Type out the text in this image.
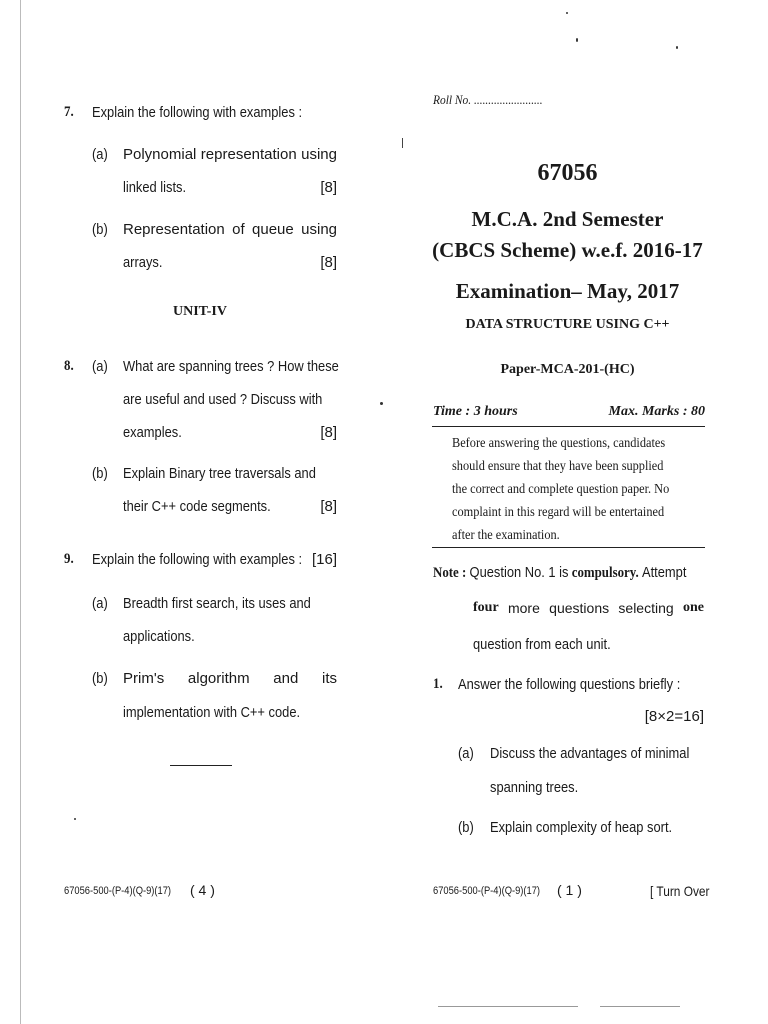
7. Explain the following with examples :
(a) Polynomial representation using
linked lists.	[8]
(b) Representation of queue using
arrays.	[8]
UNIT-IV
8. (a) What are spanning trees ? How these
are useful and used ? Discuss with
examples.	[8]
(b) Explain Binary tree traversals and
their C++ code segments.	[8]
9. Explain the following with examples : [16]
(a) Breadth first search, its uses and
applications.
(b) Prim's algorithm and its
implementation with C++ code.
67056-500-(P-4)(Q-9)(17) ( 4 )
Roll No. ........................
67056
M.C.A. 2nd Semester
(CBCS Scheme) w.e.f. 2016-17
Examination– May, 2017
DATA STRUCTURE USING C++
Paper-MCA-201-(HC)
Time : 3 hours	Max. Marks : 80
Before answering the questions, candidates
should ensure that they have been supplied
the correct and complete question paper. No
complaint in this regard will be entertained
after the examination.
Note : Question No. 1 is compulsory. Attempt
four more questions selecting one
question from each unit.
1. Answer the following questions briefly :
[8×2=16]
(a) Discuss the advantages of minimal
spanning trees.
(b) Explain complexity of heap sort.
67056-500-(P-4)(Q-9)(17) ( 1 )	[ Turn Over
